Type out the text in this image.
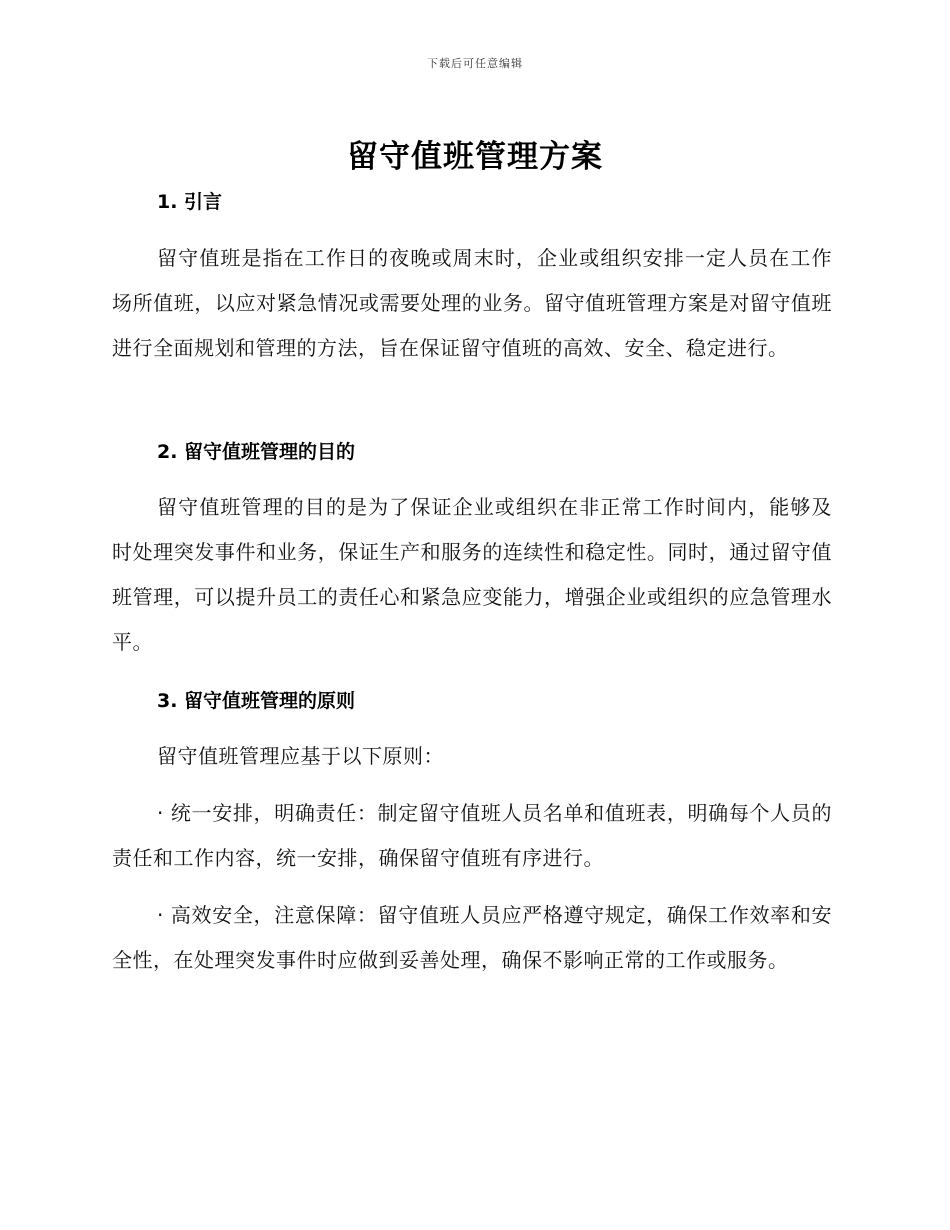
下载后可任意编辑
留守值班管理方案
1. 引言
留守值班是指在工作日的夜晚或周末时，企业或组织安排一定人员在工作场所值班，以应对紧急情况或需要处理的业务。留守值班管理方案是对留守值班进行全面规划和管理的方法，旨在保证留守值班的高效、安全、稳定进行。
2. 留守值班管理的目的
留守值班管理的目的是为了保证企业或组织在非正常工作时间内，能够及时处理突发事件和业务，保证生产和服务的连续性和稳定性。同时，通过留守值班管理，可以提升员工的责任心和紧急应变能力，增强企业或组织的应急管理水平。
3. 留守值班管理的原则
留守值班管理应基于以下原则：
· 统一安排，明确责任：制定留守值班人员名单和值班表，明确每个人员的责任和工作内容，统一安排，确保留守值班有序进行。
· 高效安全，注意保障：留守值班人员应严格遵守规定，确保工作效率和安全性，在处理突发事件时应做到妥善处理，确保不影响正常的工作或服务。
